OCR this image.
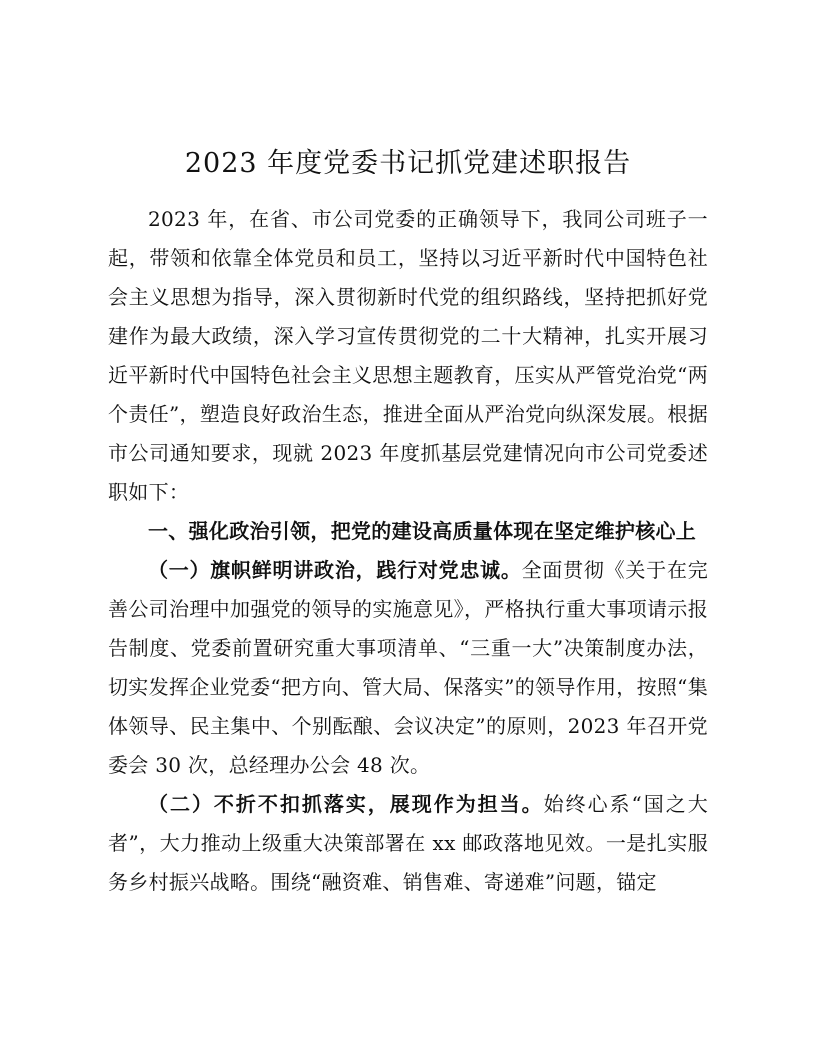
2023 年度党委书记抓党建述职报告

2023 年，在省、市公司党委的正确领导下，我同公司班子一起，带领和依靠全体党员和员工，坚持以习近平新时代中国特色社会主义思想为指导，深入贯彻新时代党的组织路线，坚持把抓好党建作为最大政绩，深入学习宣传贯彻党的二十大精神，扎实开展习近平新时代中国特色社会主义思想主题教育，压实从严管党治党“两个责任”，塑造良好政治生态，推进全面从严治党向纵深发展。根据市公司通知要求，现就 2023 年度抓基层党建情况向市公司党委述职如下：

一、强化政治引领，把党的建设高质量体现在坚定维护核心上

（一）旗帜鲜明讲政治，践行对党忠诚。全面贯彻《关于在完善公司治理中加强党的领导的实施意见》，严格执行重大事项请示报告制度、党委前置研究重大事项清单、“三重一大”决策制度办法，切实发挥企业党委“把方向、管大局、保落实”的领导作用，按照“集体领导、民主集中、个别酝酿、会议决定”的原则，2023 年召开党委会 30 次，总经理办公会 48 次。

（二）不折不扣抓落实，展现作为担当。始终心系“国之大者”，大力推动上级重大决策部署在 xx 邮政落地见效。一是扎实服务乡村振兴战略。围绕“融资难、销售难、寄递难”问题，锚定
